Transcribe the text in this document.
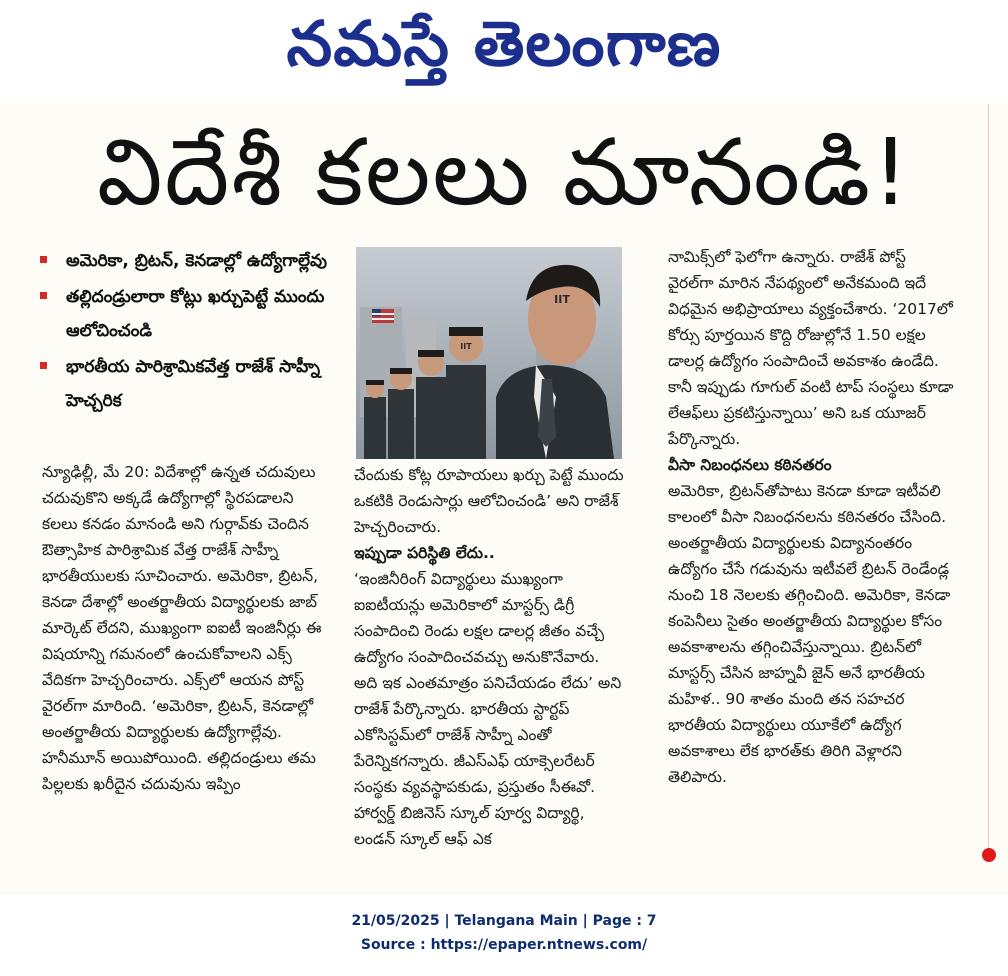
నమస్తే తెలంగాణ
విదేశీ కలలు మానండి!
అమెరికా, బ్రిటన్, కెనడాల్లో ఉద్యోగాల్లేవు
తల్లిదండ్రులారా కోట్లు ఖర్చుపెట్టే ముందు ఆలోచించండి
భారతీయ పారిశ్రామికవేత్త రాజేశ్ సాహ్నీ హెచ్చరిక
IIT
IIT

న్యూఢిల్లీ, మే 20: విదేశాల్లో ఉన్నత చదువులు చదువుకొని అక్కడే ఉద్యోగాల్లో స్థిరపడాలని కలలు కనడం మానండి అని గుర్గావ్‌కు చెందిన ఔత్సాహిక పారిశ్రామిక వేత్త రాజేశ్ సాహ్నీ భారతీయులకు సూచించారు. అమెరికా, బ్రిటన్, కెనడా దేశాల్లో అంతర్జాతీయ విద్యార్థులకు జాబ్ మార్కెట్ లేదని, ముఖ్యంగా ఐఐటీ ఇంజినీర్లు ఈ విషయాన్ని గమనంలో ఉంచుకోవాలని ఎక్స్ వేదికగా హెచ్చరించారు. ఎక్స్‌లో ఆయన పోస్ట్ వైరల్‌గా మారింది. ‘అమెరికా, బ్రిటన్, కెనడాల్లో అంతర్జాతీయ విద్యార్థులకు ఉద్యోగాల్లేవు. హనీమూన్ అయిపోయింది. తల్లిదండ్రులు తమ పిల్లలకు ఖరీదైన చదువును ఇప్పిం

చేందుకు కోట్ల రూపాయలు ఖర్చు పెట్టే ముందు ఒకటికి రెండుసార్లు ఆలోచించండి’ అని రాజేశ్ హెచ్చరించారు.

ఇప్పుడా పరిస్థితి లేదు..

‘ఇంజినీరింగ్ విద్యార్థులు ముఖ్యంగా ఐఐటీయన్లు అమెరికాలో మాస్టర్స్ డిగ్రీ సంపాదించి రెండు లక్షల డాలర్ల జీతం వచ్చే ఉద్యోగం సంపాదించవచ్చు అనుకొనేవారు. అది ఇక ఎంతమాత్రం పనిచేయడం లేదు’ అని రాజేశ్ పేర్కొన్నారు. భారతీయ స్టార్టప్ ఎకోసిస్టమ్‌లో రాజేశ్ సాహ్నీ ఎంతో పేరెన్నికగన్నారు. జీఎస్‌ఎఫ్ యాక్సెలరేటర్ సంస్థకు వ్యవస్థాపకుడు, ప్రస్తుతం సీఈవో. హార్వర్డ్ బిజినెస్ స్కూల్ పూర్వ విద్యార్థి, లండన్ స్కూల్ ఆఫ్ ఎక

నామిక్స్‌లో ఫెలోగా ఉన్నారు. రాజేశ్ పోస్ట్ వైరల్‌గా మారిన నేపథ్యంలో అనేకమంది ఇదే విధమైన అభిప్రాయాలు వ్యక్తంచేశారు. ‘2017లో కోర్సు పూర్తయిన కొద్ది రోజుల్లోనే 1.50 లక్షల డాలర్ల ఉద్యోగం సంపాదించే అవకాశం ఉండేది. కానీ ఇప్పుడు గూగుల్ వంటి టాప్ సంస్థలు కూడా లేఆఫ్‌లు ప్రకటిస్తున్నాయి’ అని ఒక యూజర్ పేర్కొన్నారు.

వీసా నిబంధనలు కఠినతరం

అమెరికా, బ్రిటన్‌తోపాటు కెనడా కూడా ఇటీవలి కాలంలో వీసా నిబంధనలను కఠినతరం చేసింది. అంతర్జాతీయ విద్యార్థులకు విద్యానంతరం ఉద్యోగం చేసే గడువును ఇటీవలే బ్రిటన్ రెండేండ్ల నుంచి 18 నెలలకు తగ్గించింది. అమెరికా, కెనడా కంపెనీలు సైతం అంతర్జాతీయ విద్యార్థుల కోసం అవకాశాలను తగ్గించివేస్తున్నాయి. బ్రిటన్‌లో మాస్టర్స్ చేసిన జాహ్నవీ జైన్ అనే భారతీయ మహిళ.. 90 శాతం మంది తన సహచర భారతీయ విద్యార్థులు యూకేలో ఉద్యోగ అవకాశాలు లేక భారత్‌కు తిరిగి వెళ్లారని తెలిపారు.

21/05/2025 | Telangana Main | Page : 7
Source : https://epaper.ntnews.com/
